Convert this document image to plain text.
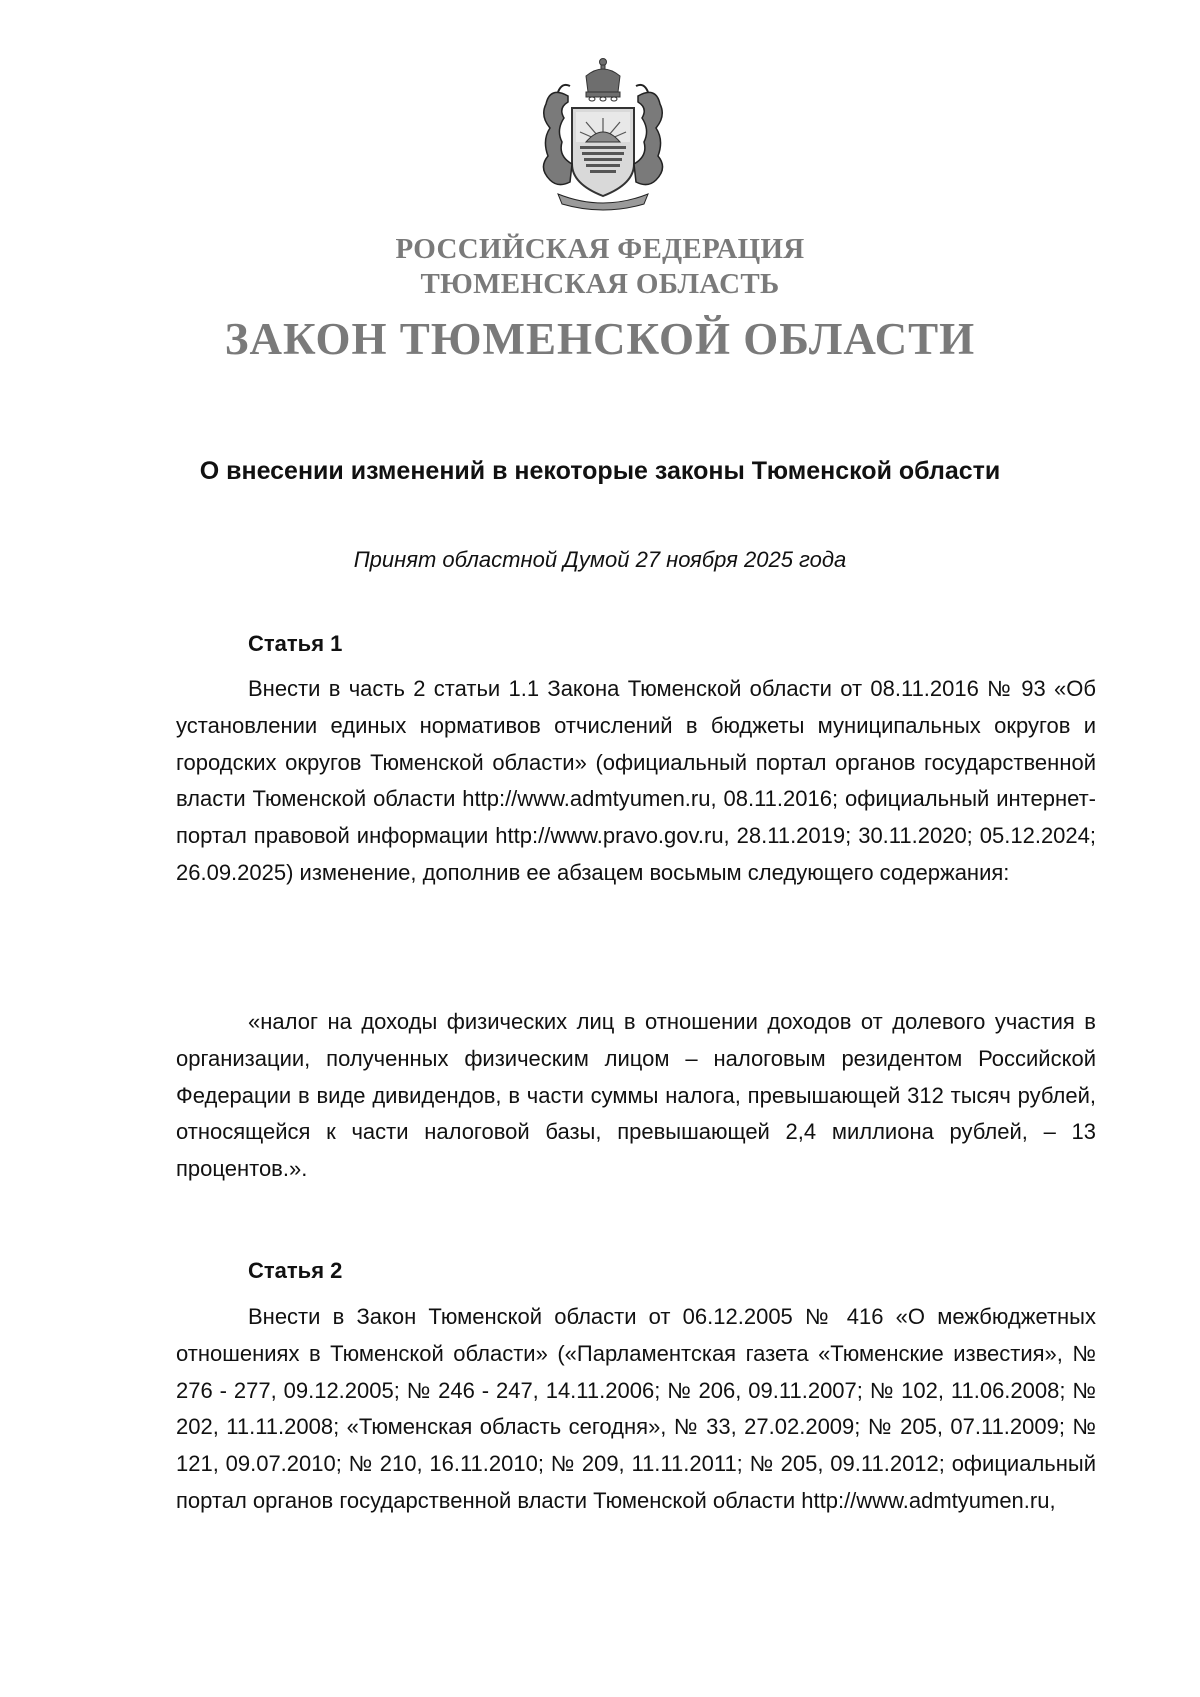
РОССИЙСКАЯ ФЕДЕРАЦИЯ
ТЮМЕНСКАЯ ОБЛАСТЬ
ЗАКОН ТЮМЕНСКОЙ ОБЛАСТИ
О внесении изменений в некоторые законы Тюменской области
Принят областной Думой 27 ноября 2025 года
Статья 1

Внести в часть 2 статьи 1.1 Закона Тюменской области от 08.11.2016 № 93 «Об установлении единых нормативов отчислений в бюджеты муниципальных округов и городских округов Тюменской области» (официальный портал органов государственной власти Тюменской области http://www.admtyumen.ru, 08.11.2016; официальный интернет-портал правовой информации http://www.pravo.gov.ru, 28.11.2019; 30.11.2020; 05.12.2024; 26.09.2025) изменение, дополнив ее абзацем восьмым следующего содержания:

«налог на доходы физических лиц в отношении доходов от долевого участия в организации, полученных физическим лицом – налоговым резидентом Российской Федерации в виде дивидендов, в части суммы налога, превышающей 312 тысяч рублей, относящейся к части налоговой базы, превышающей 2,4 миллиона рублей, – 13 процентов.».

Статья 2

Внести в Закон Тюменской области от 06.12.2005 № 416 «О межбюджетных отношениях в Тюменской области» («Парламентская газета «Тюменские известия», № 276 - 277, 09.12.2005; № 246 - 247, 14.11.2006; № 206, 09.11.2007; № 102, 11.06.2008; № 202, 11.11.2008; «Тюменская область сегодня», № 33, 27.02.2009; № 205, 07.11.2009; № 121, 09.07.2010; № 210, 16.11.2010; № 209, 11.11.2011; № 205, 09.11.2012; официальный портал органов государственной власти Тюменской области http://www.admtyumen.ru,
